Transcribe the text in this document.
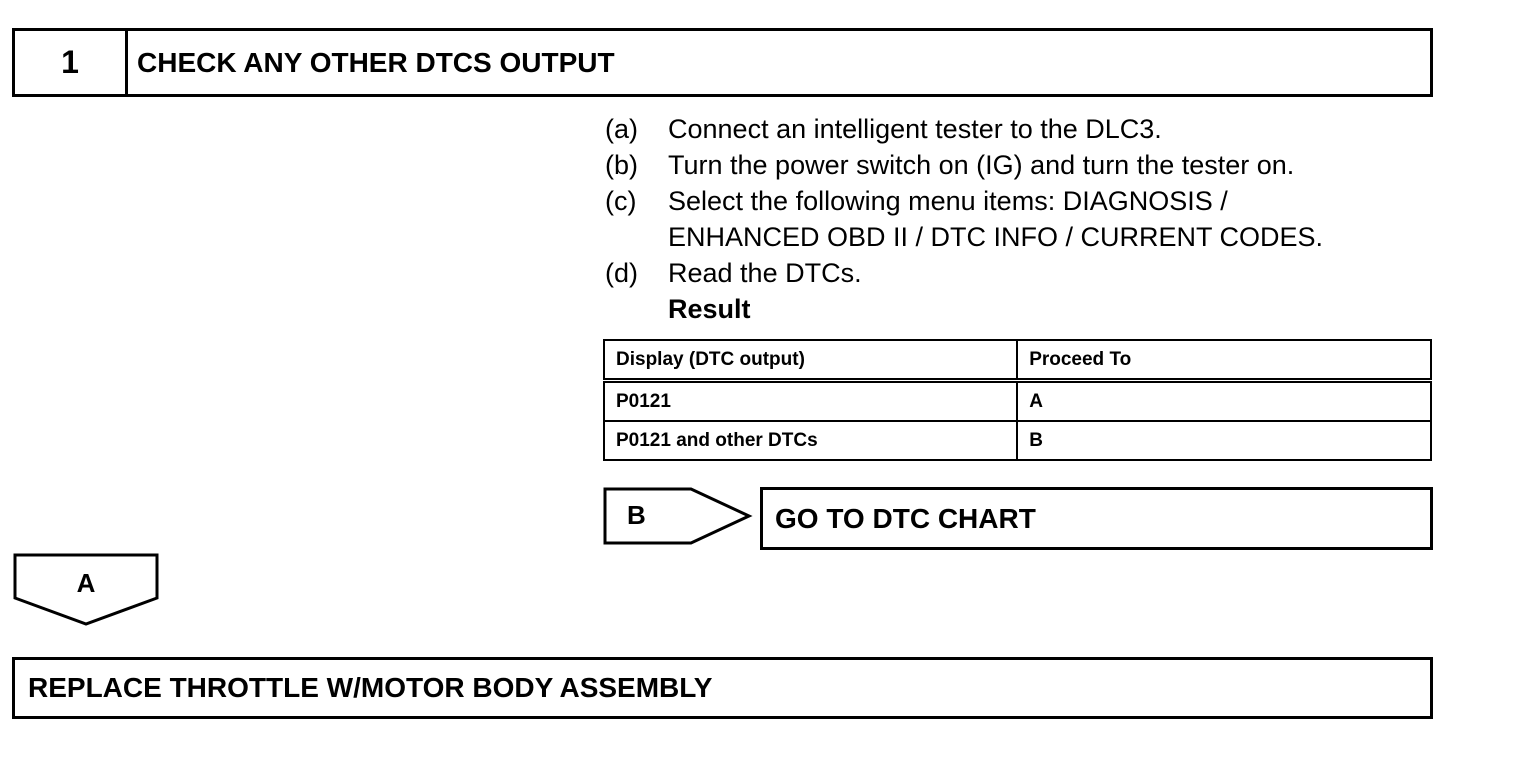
1	CHECK ANY OTHER DTCS OUTPUT
(a) Connect an intelligent tester to the DLC3.
(b) Turn the power switch on (IG) and turn the tester on.
(c) Select the following menu items: DIAGNOSIS /
ENHANCED OBD II / DTC INFO / CURRENT CODES.
(d) Read the DTCs.
Result
Display (DTC output)	Proceed To
P0121	A
P0121 and other DTCs	B
B	GO TO DTC CHART
A
REPLACE THROTTLE W/MOTOR BODY ASSEMBLY
